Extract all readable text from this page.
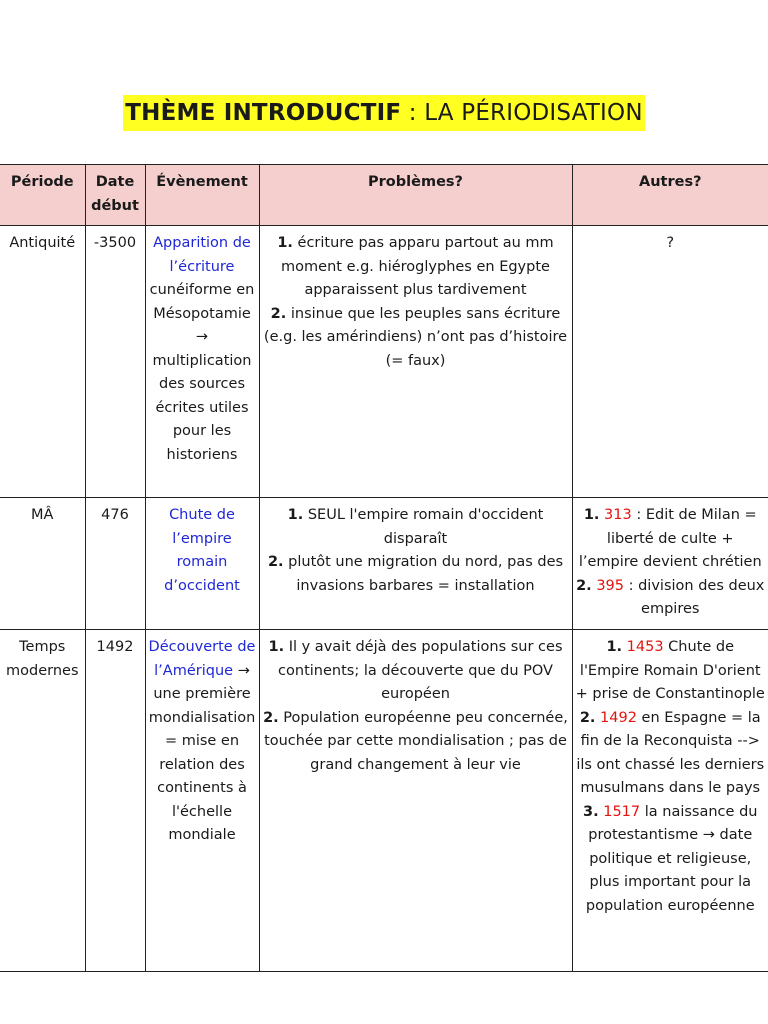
THÈME INTRODUCTIF : LA PÉRIODISATION
Période	Date début	Évènement	Problèmes?	Autres?
Antiquité	-3500	Apparition de l’écriture cunéiforme en Mésopotamie → multiplication des sources écrites utiles pour les historiens	1. écriture pas apparu partout au mm moment e.g. hiéroglyphes en Egypte apparaissent plus tardivement
2. insinue que les peuples sans écriture (e.g. les amérindiens) n’ont pas d’histoire (= faux)	?
MÂ	476	Chute de l’empire romain d’occident	1. SEUL l'empire romain d'occident disparaît
2. plutôt une migration du nord, pas des invasions barbares = installation	1. 313 : Edit de Milan = liberté de culte + l’empire devient chrétien
2. 395 : division des deux empires

Temps modernes	1492	Découverte de l’Amérique → une première mondialisation = mise en relation des continents à l'échelle mondiale	1. Il y avait déjà des populations sur ces continents; la découverte que du POV européen
2. Population européenne peu concernée, touchée par cette mondialisation ; pas de grand changement à leur vie	1. 1453 Chute de l'Empire Romain D'orient + prise de Constantinople
2. 1492 en Espagne = la fin de la Reconquista --> ils ont chassé les derniers musulmans dans le pays
3. 1517 la naissance du protestantisme → date politique et religieuse, plus important pour la population européenne
